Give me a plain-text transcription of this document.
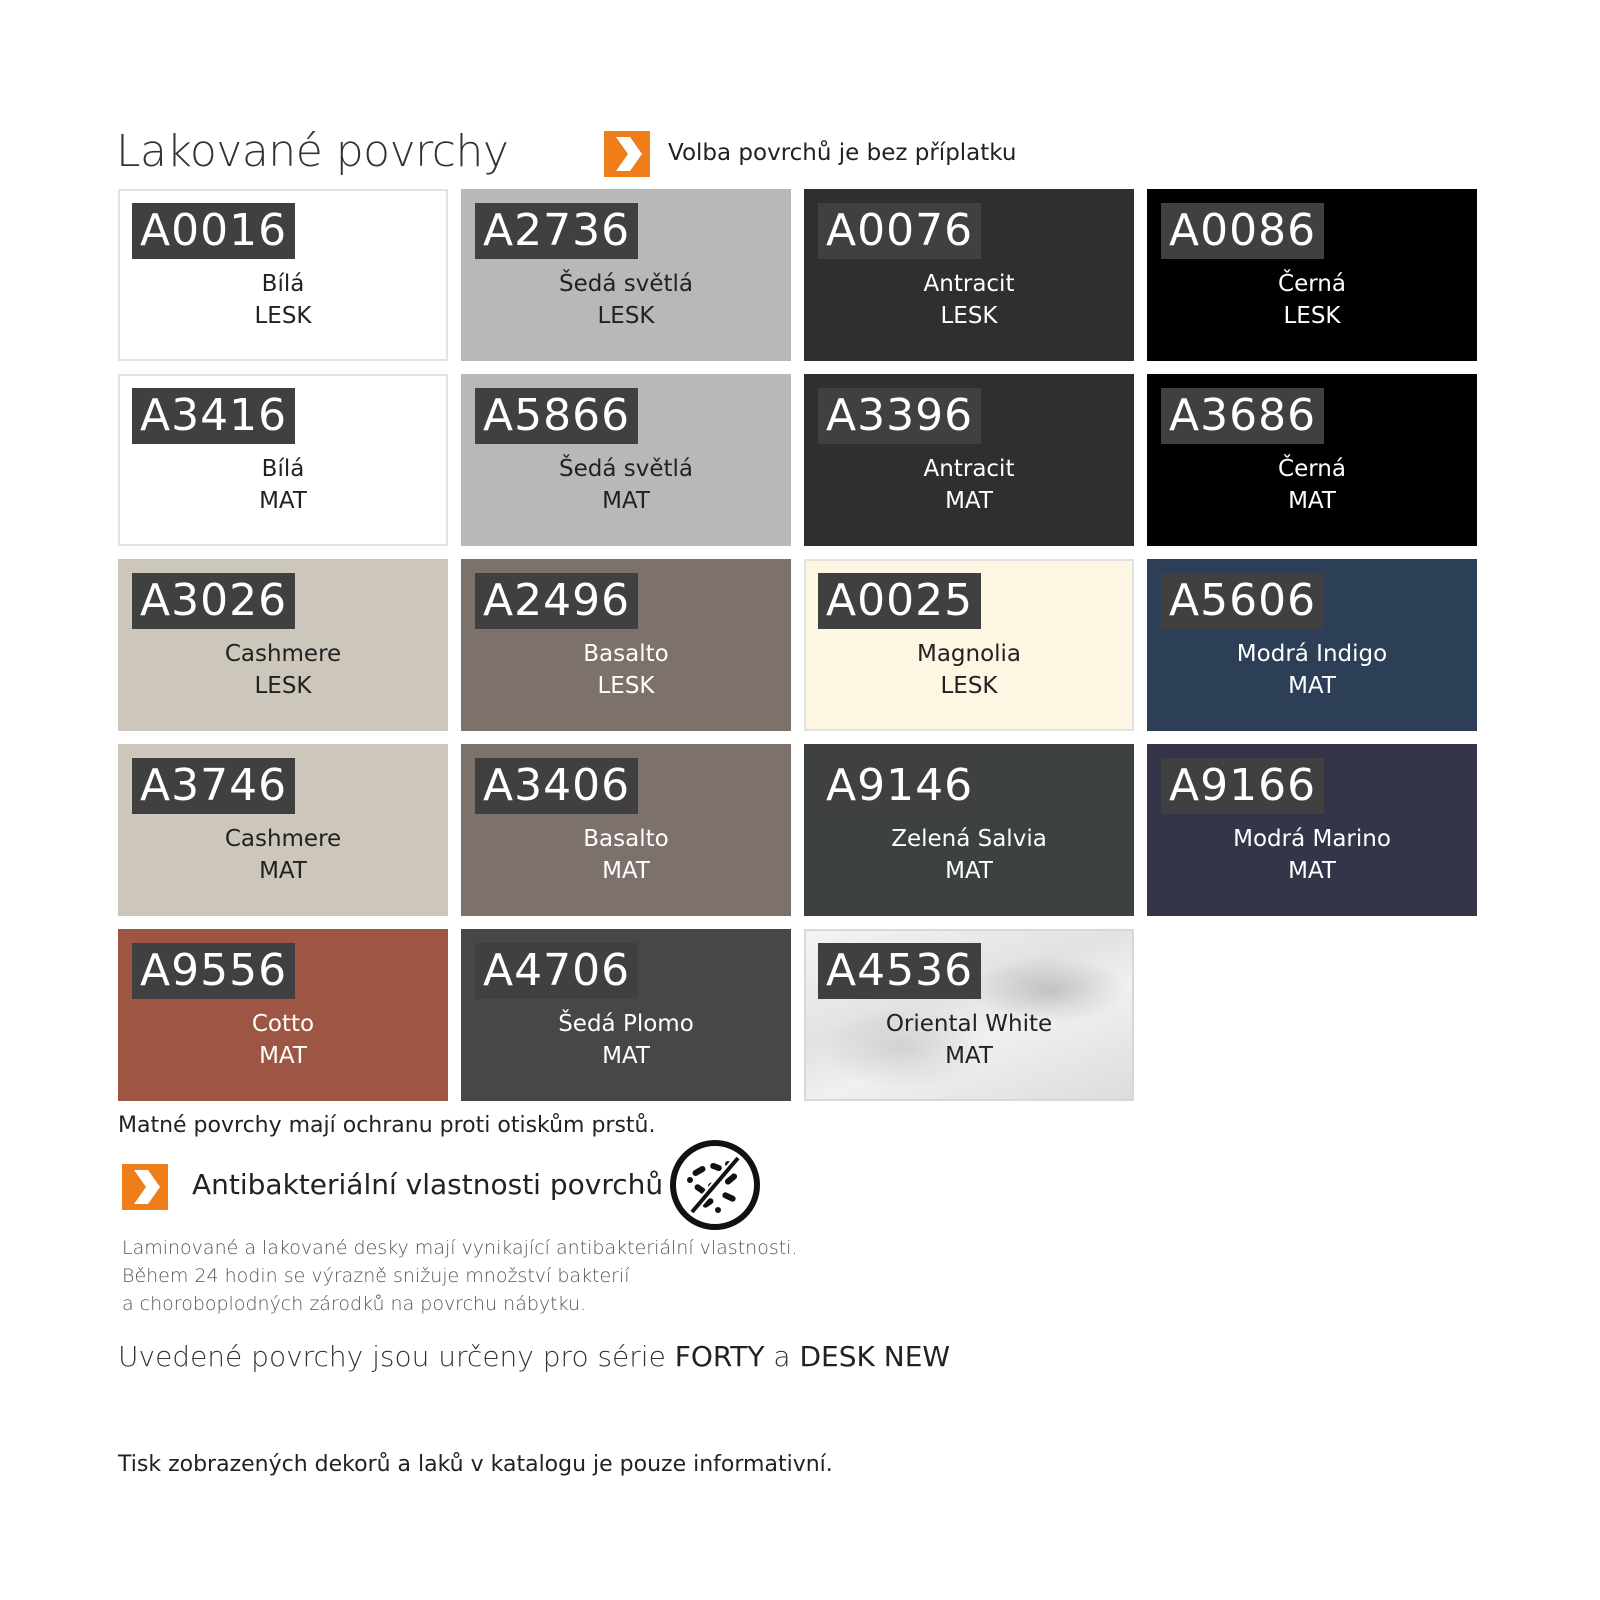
Lakované povrchy	Volba povrchů je bez příplatku
A0016
Bílá
LESK
A2736
Šedá světlá
LESK
A0076
Antracit
LESK
A0086
Černá
LESK
A3416
Bílá
MAT
A5866
Šedá světlá
MAT
A3396
Antracit
MAT
A3686
Černá
MAT
A3026
Cashmere
LESK
A2496
Basalto
LESK
A0025
Magnolia
LESK
A5606
Modrá Indigo
MAT
A3746
Cashmere
MAT
A3406
Basalto
MAT
A9146
Zelená Salvia
MAT
A9166
Modrá Marino
MAT
A9556
Cotto
MAT
A4706
Šedá Plomo
MAT
A4536
Oriental White
MAT
Matné povrchy mají ochranu proti otiskům prstů.
Antibakteriální vlastnosti povrchů
Laminované a lakované desky mají vynikající antibakteriální vlastnosti.
Během 24 hodin se výrazně snižuje množství bakterií
a choroboplodných zárodků na povrchu nábytku.
Uvedené povrchy jsou určeny pro série FORTY a DESK NEW
Tisk zobrazených dekorů a laků v katalogu je pouze informativní.
